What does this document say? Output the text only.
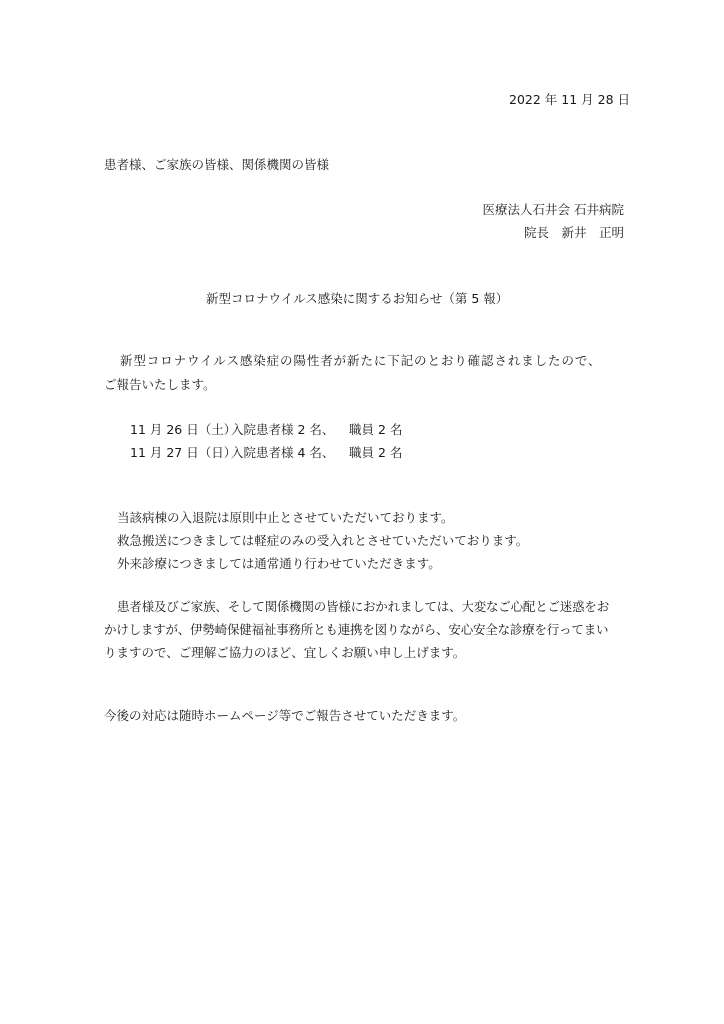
2022 年 11 月 28 日
患者様、ご家族の皆様、関係機関の皆様
医療法人石井会 石井病院
院長　新井　正明
新型コロナウイルス感染に関するお知らせ（第 5 報）
新型コロナウイルス感染症の陽性者が新たに下記のとおり確認されましたので、
ご報告いたします。
11 月 26 日（土）
入院患者様 2 名、 職員 2 名
11 月 27 日（日）
入院患者様 4 名、 職員 2 名
当該病棟の入退院は原則中止とさせていただいております。
救急搬送につきましては軽症のみの受入れとさせていただいております。
外来診療につきましては通常通り行わせていただきます。
患者様及びご家族、そして関係機関の皆様におかれましては、大変なご心配とご迷惑をお
かけしますが、伊勢崎保健福祉事務所とも連携を図りながら、安心安全な診療を行ってまい
りますので、ご理解ご協力のほど、宜しくお願い申し上げます。
今後の対応は随時ホームページ等でご報告させていただきます。
